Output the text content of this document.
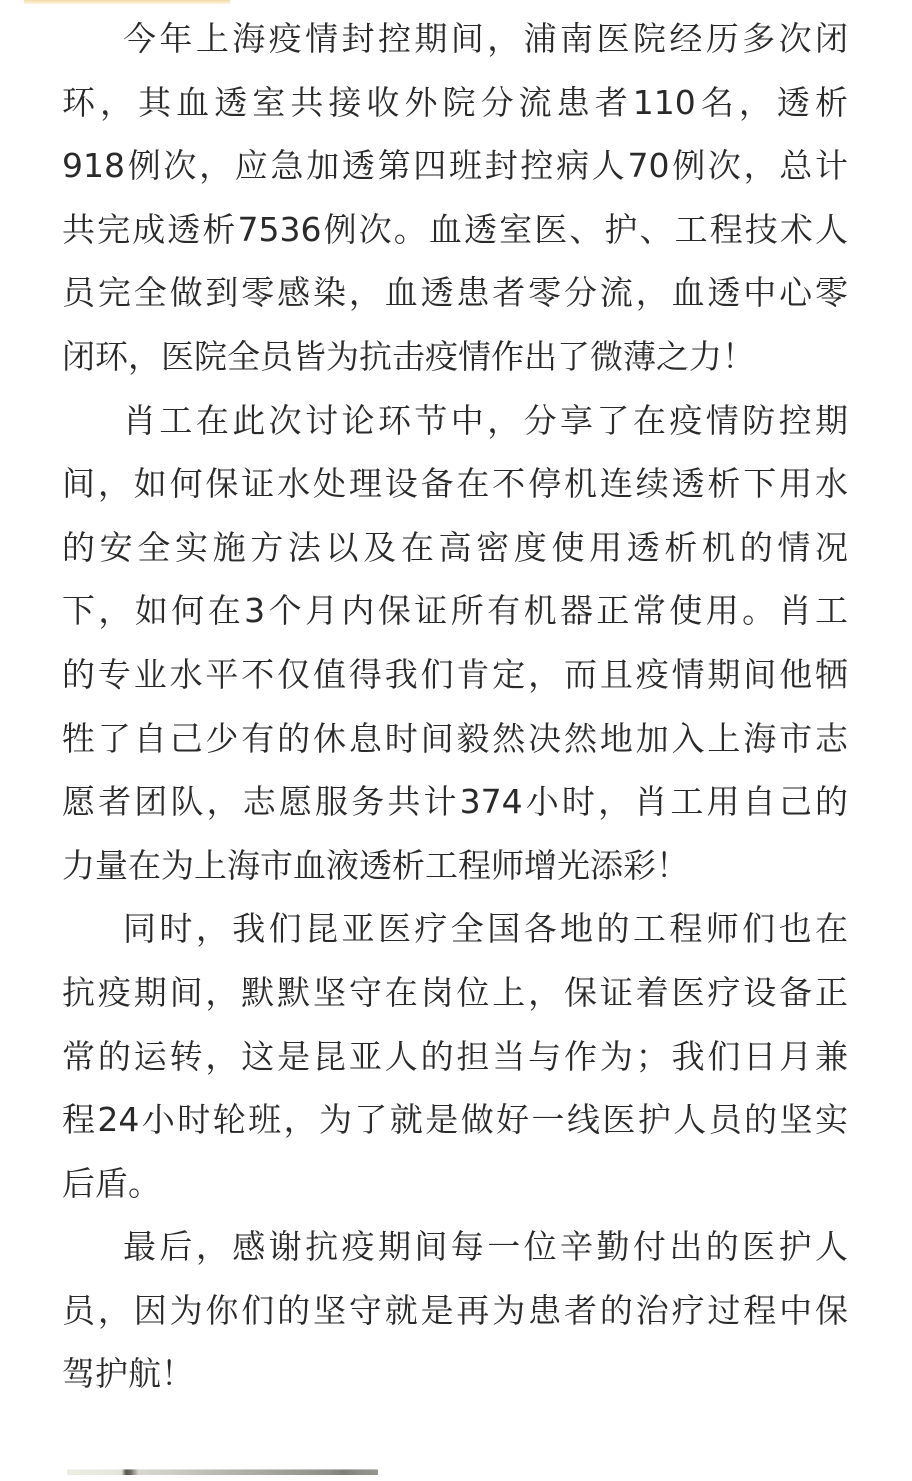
今年上海疫情封控期间，浦南医院经历多次闭
环，其血透室共接收外院分流患者110名，透析
918例次，应急加透第四班封控病人70例次，总计
共完成透析7536例次。血透室医、护、工程技术人
员完全做到零感染，血透患者零分流，血透中心零
闭环，医院全员皆为抗击疫情作出了微薄之力！
肖工在此次讨论环节中，分享了在疫情防控期
间，如何保证水处理设备在不停机连续透析下用水
的安全实施方法以及在高密度使用透析机的情况
下，如何在3个月内保证所有机器正常使用。肖工
的专业水平不仅值得我们肯定，而且疫情期间他牺
牲了自己少有的休息时间毅然决然地加入上海市志
愿者团队，志愿服务共计374小时，肖工用自己的
力量在为上海市血液透析工程师增光添彩！
同时，我们昆亚医疗全国各地的工程师们也在
抗疫期间，默默坚守在岗位上，保证着医疗设备正
常的运转，这是昆亚人的担当与作为；我们日月兼
程24小时轮班，为了就是做好一线医护人员的坚实
后盾。
最后，感谢抗疫期间每一位辛勤付出的医护人
员，因为你们的坚守就是再为患者的治疗过程中保
驾护航！
